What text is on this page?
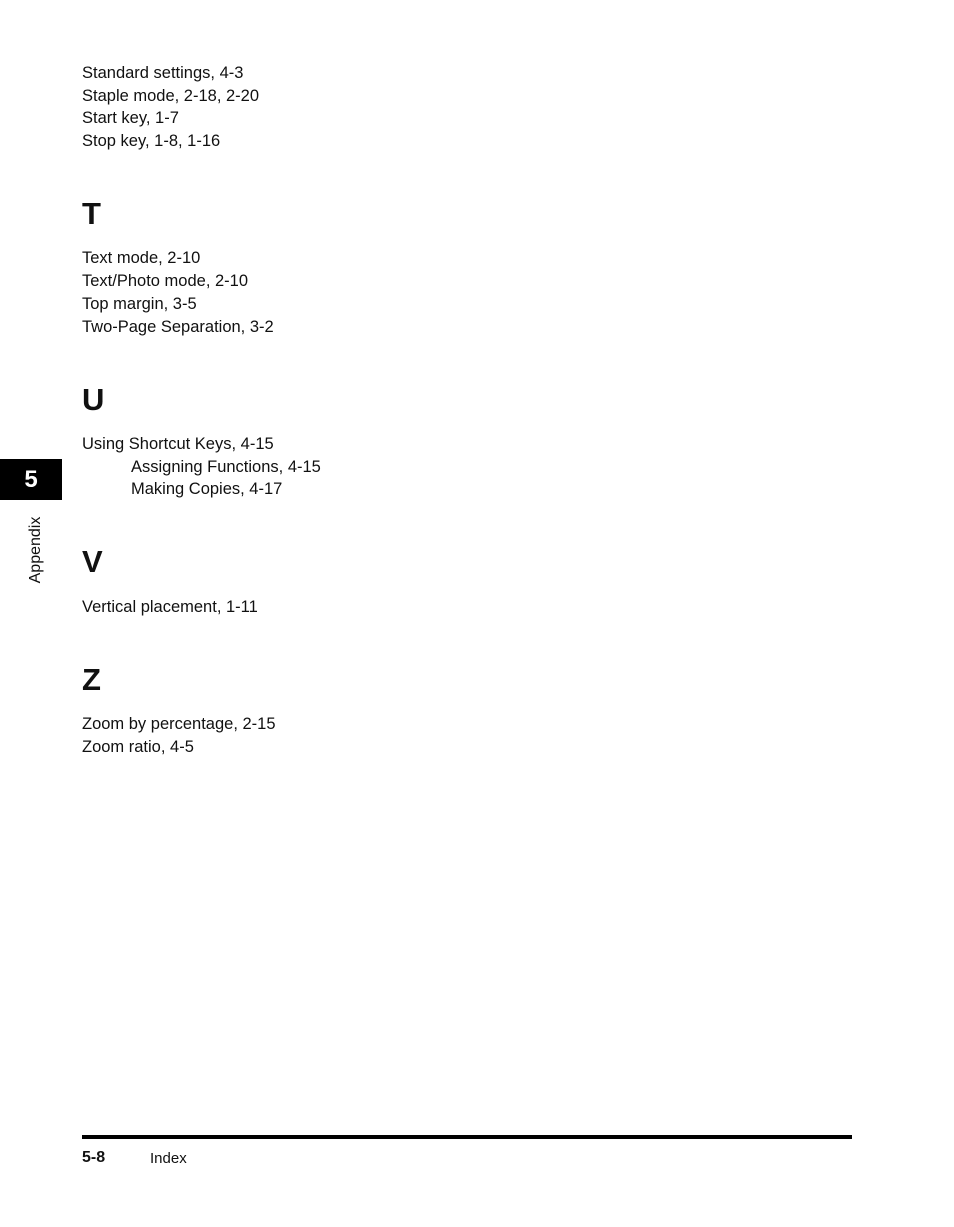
Standard settings, 4-3
Staple mode, 2-18, 2-20
Start key, 1-7
Stop key, 1-8, 1-16
T
Text mode, 2-10
Text/Photo mode, 2-10
Top margin, 3-5
Two-Page Separation, 3-2
U
Using Shortcut Keys, 4-15
Assigning Functions, 4-15
Making Copies, 4-17
V
Vertical placement, 1-11
Z
Zoom by percentage, 2-15
Zoom ratio, 4-5
5
Appendix
5-8	Index
